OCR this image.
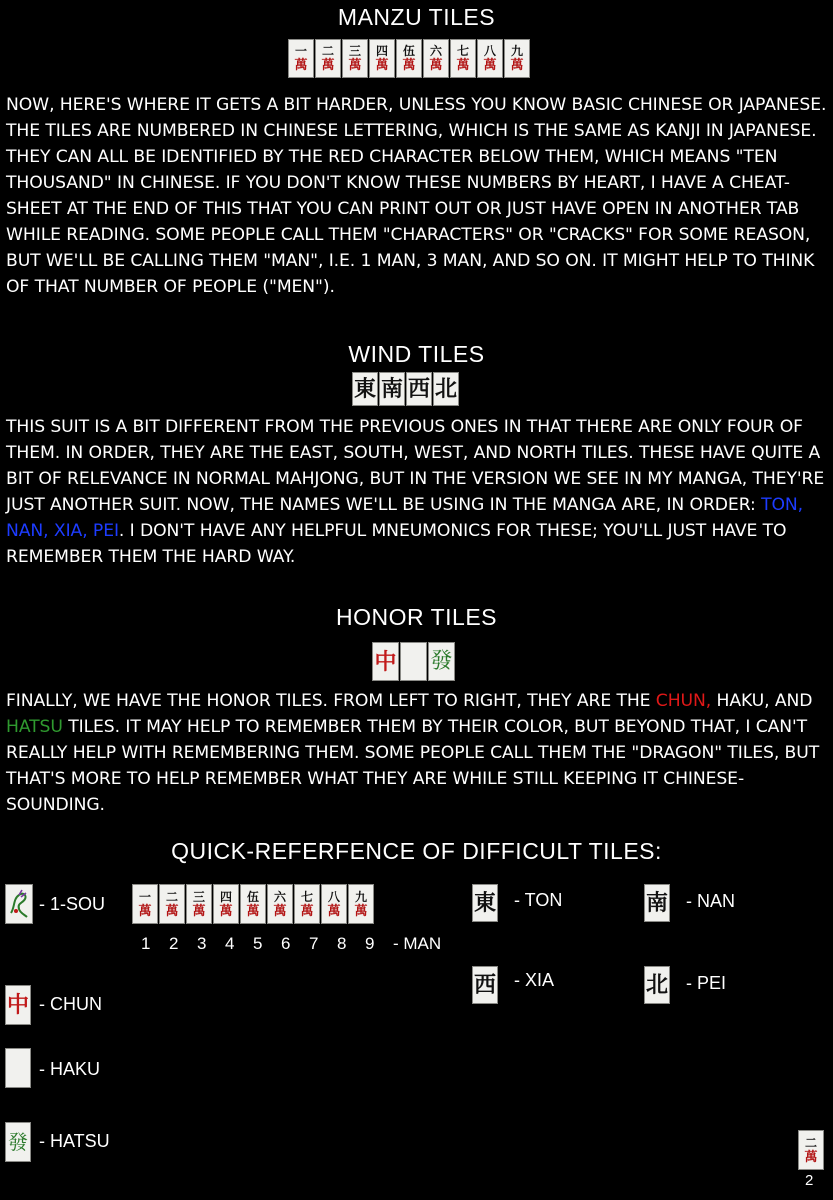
MANZU TILES
一
萬
二
萬
三
萬
四
萬
伍
萬
六
萬
七
萬
八
萬
九
萬
NOW, HERE'S WHERE IT GETS A BIT HARDER, UNLESS YOU KNOW BASIC CHINESE OR JAPANESE. THE TILES ARE NUMBERED IN CHINESE LETTERING, WHICH IS THE SAME AS KANJI IN JAPANESE. THEY CAN ALL BE IDENTIFIED BY THE RED CHARACTER BELOW THEM, WHICH MEANS "TEN THOUSAND" IN CHINESE. IF YOU DON'T KNOW THESE NUMBERS BY HEART, I HAVE A CHEAT-SHEET AT THE END OF THIS THAT YOU CAN PRINT OUT OR JUST HAVE OPEN IN ANOTHER TAB WHILE READING. SOME PEOPLE CALL THEM "CHARACTERS" OR "CRACKS" FOR SOME REASON, BUT WE'LL BE CALLING THEM "MAN", I.E. 1 MAN, 3 MAN, AND SO ON. IT MIGHT HELP TO THINK OF THAT NUMBER OF PEOPLE ("MEN").
WIND TILES
東 南 西 北
THIS SUIT IS A BIT DIFFERENT FROM THE PREVIOUS ONES IN THAT THERE ARE ONLY FOUR OF THEM. IN ORDER, THEY ARE THE EAST, SOUTH, WEST, AND NORTH TILES. THESE HAVE QUITE A BIT OF RELEVANCE IN NORMAL MAHJONG, BUT IN THE VERSION WE SEE IN MY MANGA, THEY'RE JUST ANOTHER SUIT. NOW, THE NAMES WE'LL BE USING IN THE MANGA ARE, IN ORDER: TON, NAN, XIA, PEI. I DON'T HAVE ANY HELPFUL MNEUMONICS FOR THESE; YOU'LL JUST HAVE TO REMEMBER THEM THE HARD WAY.
HONOR TILES
中 發
FINALLY, WE HAVE THE HONOR TILES. FROM LEFT TO RIGHT, THEY ARE THE CHUN, HAKU, AND HATSU TILES. IT MAY HELP TO REMEMBER THEM BY THEIR COLOR, BUT BEYOND THAT, I CAN'T REALLY HELP WITH REMEMBERING THEM. SOME PEOPLE CALL THEM THE "DRAGON" TILES, BUT THAT'S MORE TO HELP REMEMBER WHAT THEY ARE WHILE STILL KEEPING IT CHINESE-SOUNDING.
QUICK-REFERFENCE OF DIFFICULT TILES:
- 1-SOU	一
萬
二
萬
三
萬
四
萬
伍
萬
六
萬
七
萬
八
萬
九
萬
1	2	3	4	5	6	7	8	9	- MAN
東 - TON	南 - NAN
西 - XIA	北 - PEI
中 - CHUN
- HAKU
發 - HATSU	二
萬
2
